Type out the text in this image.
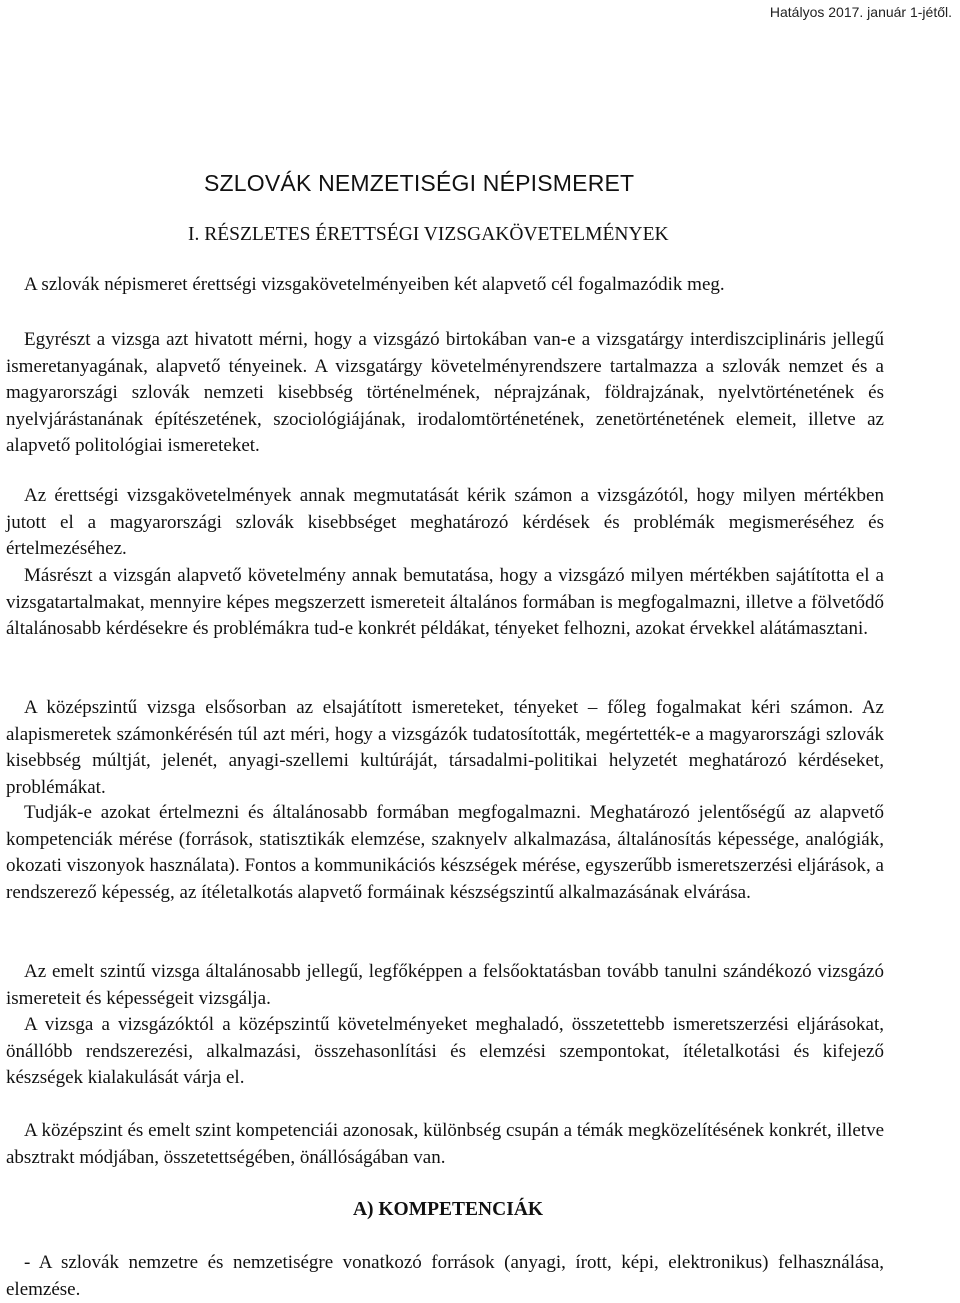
Hatályos 2017. január 1-jétől.
SZLOVÁK NEMZETISÉGI NÉPISMERET
I. RÉSZLETES ÉRETTSÉGI VIZSGAKÖVETELMÉNYEK

A szlovák népismeret érettségi vizsgakövetelményeiben két alapvető cél fogalmazódik meg.

Egyrészt a vizsga azt hivatott mérni, hogy a vizsgázó birtokában van-e a vizsgatárgy interdiszciplináris jellegű ismeretanyagának, alapvető tényeinek. A vizsgatárgy követelményrendszere tartalmazza a szlovák nemzet és a magyarországi szlovák nemzeti kisebbség történelmének, néprajzának, földrajzának, nyelvtörténetének és nyelvjárástanának építészetének, szociológiájának, irodalomtörténetének, zenetörténetének elemeit, illetve az alapvető politológiai ismereteket.

Az érettségi vizsgakövetelmények annak megmutatását kérik számon a vizsgázótól, hogy milyen mértékben jutott el a magyarországi szlovák kisebbséget meghatározó kérdések és problémák megismeréséhez és értelmezéséhez.

Másrészt a vizsgán alapvető követelmény annak bemutatása, hogy a vizsgázó milyen mértékben sajátította el a vizsgatartalmakat, mennyire képes megszerzett ismereteit általános formában is megfogalmazni, illetve a fölvetődő általánosabb kérdésekre és problémákra tud-e konkrét példákat, tényeket felhozni, azokat érvekkel alátámasztani.

A középszintű vizsga elsősorban az elsajátított ismereteket, tényeket – főleg fogalmakat kéri számon. Az alapismeretek számonkérésén túl azt méri, hogy a vizsgázók tudatosították, megértették-e a magyarországi szlovák kisebbség múltját, jelenét, anyagi-szellemi kultúráját, társadalmi-politikai helyzetét meghatározó kérdéseket, problémákat.

Tudják-e azokat értelmezni és általánosabb formában megfogalmazni. Meghatározó jelentőségű az alapvető kompetenciák mérése (források, statisztikák elemzése, szaknyelv alkalmazása, általánosítás képessége, analógiák, okozati viszonyok használata). Fontos a kommunikációs készségek mérése, egyszerűbb ismeretszerzési eljárások, a rendszerező képesség, az ítéletalkotás alapvető formáinak készségszintű alkalmazásának elvárása.

Az emelt szintű vizsga általánosabb jellegű, legfőképpen a felsőoktatásban tovább tanulni szándékozó vizsgázó ismereteit és képességeit vizsgálja.

A vizsga a vizsgázóktól a középszintű követelményeket meghaladó, összetettebb ismeretszerzési eljárásokat, önállóbb rendszerezési, alkalmazási, összehasonlítási és elemzési szempontokat, ítéletalkotási és kifejező készségek kialakulását várja el.

A középszint és emelt szint kompetenciái azonosak, különbség csupán a témák megközelítésének konkrét, illetve absztrakt módjában, összetettségében, önállóságában van.

A) KOMPETENCIÁK

- A szlovák nemzetre és nemzetiségre vonatkozó források (anyagi, írott, képi, elektronikus) felhasználása, elemzése.
